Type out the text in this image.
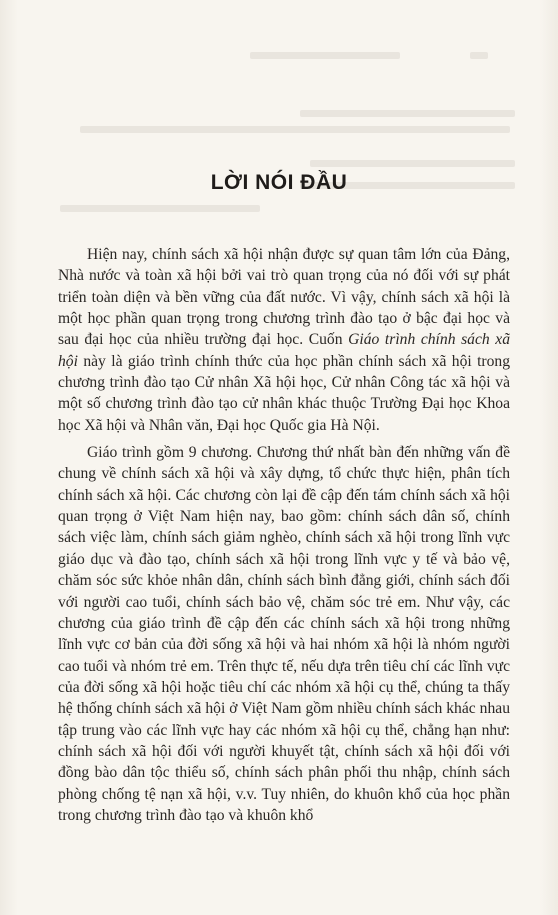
LỜI NÓI ĐẦU

Hiện nay, chính sách xã hội nhận được sự quan tâm lớn của Đảng, Nhà nước và toàn xã hội bởi vai trò quan trọng của nó đối với sự phát triển toàn diện và bền vững của đất nước. Vì vậy, chính sách xã hội là một học phần quan trọng trong chương trình đào tạo ở bậc đại học và sau đại học của nhiều trường đại học. Cuốn Giáo trình chính sách xã hội này là giáo trình chính thức của học phần chính sách xã hội trong chương trình đào tạo Cử nhân Xã hội học, Cử nhân Công tác xã hội và một số chương trình đào tạo cử nhân khác thuộc Trường Đại học Khoa học Xã hội và Nhân văn, Đại học Quốc gia Hà Nội.

Giáo trình gồm 9 chương. Chương thứ nhất bàn đến những vấn đề chung về chính sách xã hội và xây dựng, tổ chức thực hiện, phân tích chính sách xã hội. Các chương còn lại đề cập đến tám chính sách xã hội quan trọng ở Việt Nam hiện nay, bao gồm: chính sách dân số, chính sách việc làm, chính sách giảm nghèo, chính sách xã hội trong lĩnh vực giáo dục và đào tạo, chính sách xã hội trong lĩnh vực y tế và bảo vệ, chăm sóc sức khỏe nhân dân, chính sách bình đẳng giới, chính sách đối với người cao tuổi, chính sách bảo vệ, chăm sóc trẻ em. Như vậy, các chương của giáo trình đề cập đến các chính sách xã hội trong những lĩnh vực cơ bản của đời sống xã hội và hai nhóm xã hội là nhóm người cao tuổi và nhóm trẻ em. Trên thực tế, nếu dựa trên tiêu chí các lĩnh vực của đời sống xã hội hoặc tiêu chí các nhóm xã hội cụ thể, chúng ta thấy hệ thống chính sách xã hội ở Việt Nam gồm nhiều chính sách khác nhau tập trung vào các lĩnh vực hay các nhóm xã hội cụ thể, chẳng hạn như: chính sách xã hội đối với người khuyết tật, chính sách xã hội đối với đồng bào dân tộc thiểu số, chính sách phân phối thu nhập, chính sách phòng chống tệ nạn xã hội, v.v. Tuy nhiên, do khuôn khổ của học phần trong chương trình đào tạo và khuôn khổ
